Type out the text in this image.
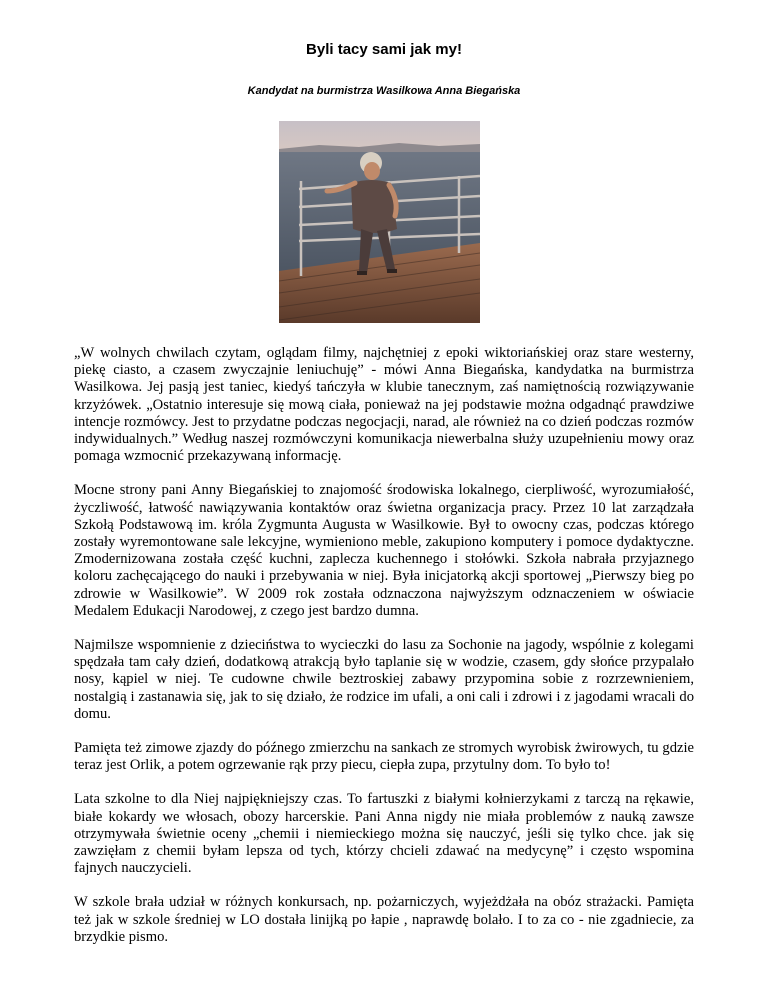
Byli tacy sami jak my!

Kandydat na burmistrza Wasilkowa Anna Biegańska

„W wolnych chwilach czytam, oglądam filmy, najchętniej z epoki wiktoriańskiej oraz stare westerny, piekę ciasto, a czasem zwyczajnie leniuchuję” - mówi Anna Biegańska, kandydatka na burmistrza Wasilkowa. Jej pasją jest taniec, kiedyś tańczyła w klubie tanecznym, zaś namiętnością rozwiązywanie krzyżówek. „Ostatnio interesuje się mową ciała, ponieważ na jej podstawie można odgadnąć prawdziwe intencje rozmówcy. Jest to przydatne podczas negocjacji, narad, ale również na co dzień podczas rozmów indywidualnych.” Według naszej rozmówczyni komunikacja niewerbalna służy uzupełnieniu mowy oraz pomaga wzmocnić przekazywaną informację.

Mocne strony pani Anny Biegańskiej to znajomość środowiska lokalnego, cierpliwość, wyrozumiałość, życzliwość, łatwość nawiązywania kontaktów oraz świetna organizacja pracy. Przez 10 lat zarządzała Szkołą Podstawową im. króla Zygmunta Augusta w Wasilkowie. Był to owocny czas, podczas którego zostały wyremontowane sale lekcyjne, wymieniono meble, zakupiono komputery i pomoce dydaktyczne. Zmodernizowana została część kuchni, zaplecza kuchennego i stołówki. Szkoła nabrała przyjaznego koloru zachęcającego do nauki i przebywania w niej. Była inicjatorką akcji sportowej „Pierwszy bieg po zdrowie w Wasilkowie”. W 2009 rok została odznaczona najwyższym odznaczeniem w oświacie Medalem Edukacji Narodowej, z czego jest bardzo dumna.

Najmilsze wspomnienie z dzieciństwa to wycieczki do lasu za Sochonie na jagody, wspólnie z kolegami spędzała tam cały dzień, dodatkową atrakcją było taplanie się w wodzie, czasem, gdy słońce przypalało nosy, kąpiel w niej. Te cudowne chwile beztroskiej zabawy przypomina sobie z rozrzewnieniem, nostalgią i zastanawia się, jak to się działo, że rodzice im ufali, a oni cali i zdrowi i z jagodami wracali do domu.

Pamięta też zimowe zjazdy do późnego zmierzchu na sankach ze stromych wyrobisk żwirowych, tu gdzie teraz jest Orlik, a potem ogrzewanie rąk przy piecu, ciepła zupa, przytulny dom. To było to!

Lata szkolne to dla Niej najpiękniejszy czas. To fartuszki z białymi kołnierzykami z tarczą na rękawie, białe kokardy we włosach, obozy harcerskie. Pani Anna nigdy nie miała problemów z nauką zawsze otrzymywała świetnie oceny „chemii i niemieckiego można się nauczyć, jeśli się tylko chce. jak się zawzięłam z chemii byłam lepsza od tych, którzy chcieli zdawać na medycynę” i często wspomina fajnych nauczycieli.

W szkole brała udział w różnych konkursach, np. pożarniczych, wyjeżdżała na obóz strażacki. Pamięta też jak w szkole średniej w LO dostała linijką po łapie , naprawdę bolało. I to za co - nie zgadniecie, za brzydkie pismo.
